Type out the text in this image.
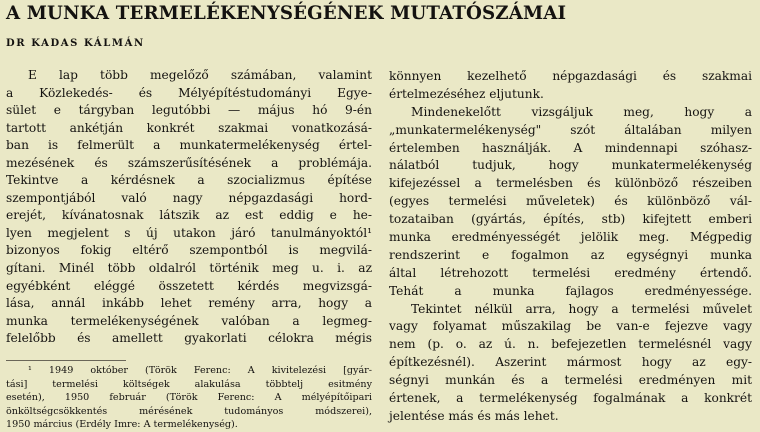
A MUNKA TERMELÉKENYSÉGÉNEK MUTATÓSZÁMAI
DR KADAS KÁLMÁN
E lap több megelőző számában, valamint
a Közlekedés- és Mélyépítéstudományi Egye-
sület e tárgyban legutóbbi — május hó 9-én
tartott ankétján konkrét szakmai vonatkozásá-
ban is felmerült a munkatermelékenység értel-
mezésének és számszerűsítésének a problémája.
Tekintve a kérdésnek a szocializmus építése
szempontjából való nagy népgazdasági hord-
erejét, kívánatosnak látszik az est eddig e he-
lyen megjelent s új utakon járó tanulmányoktól¹
bizonyos fokig eltérő szempontból is megvilá-
gítani. Minél több oldalról történik meg u. i. az
egyébként eléggé összetett kérdés megvizsgá-
lása, annál inkább lehet remény arra, hogy a
munka termelékenységének valóban a legmeg-
felelőbb és amellett gyakorlati célokra mégis
¹ 1949 október (Török Ferenc: A kivitelezési [gyár-
tási] termelési költségek alakulása többtelj esitmény
esetén), 1950 február (Török Ferenc: A mélyépítőipari
önköltségcsökkentés mérésének tudományos módszerei),
1950 március (Erdély Imre: A termelékenység).
könnyen kezelhető népgazdasági és szakmai
értelmezéséhez eljutunk.
Mindenekelőtt vizsgáljuk meg, hogy a
„munkatermelékenység" szót általában milyen
értelemben használják. A mindennapi szóhasz-
nálatból tudjuk, hogy munkatermelékenység
kifejezéssel a termelésben és különböző részeiben
(egyes termelési műveletek) és különböző vál-
tozataiban (gyártás, építés, stb) kifejtett emberi
munka eredményességét jelölik meg. Mégpedig
rendszerint e fogalmon az egységnyi munka
által létrehozott termelési eredmény értendő.
Tehát a munka fajlagos eredményessége.
Tekintet nélkül arra, hogy a termelési művelet
vagy folyamat műszakilag be van-e fejezve vagy
nem (p. o. az ú. n. befejezetlen termelésnél vagy
építkezésnél). Aszerint mármost hogy az egy-
ségnyi munkán és a termelési eredményen mit
értenek, a termelékenység fogalmának a konkrét
jelentése más és más lehet.
